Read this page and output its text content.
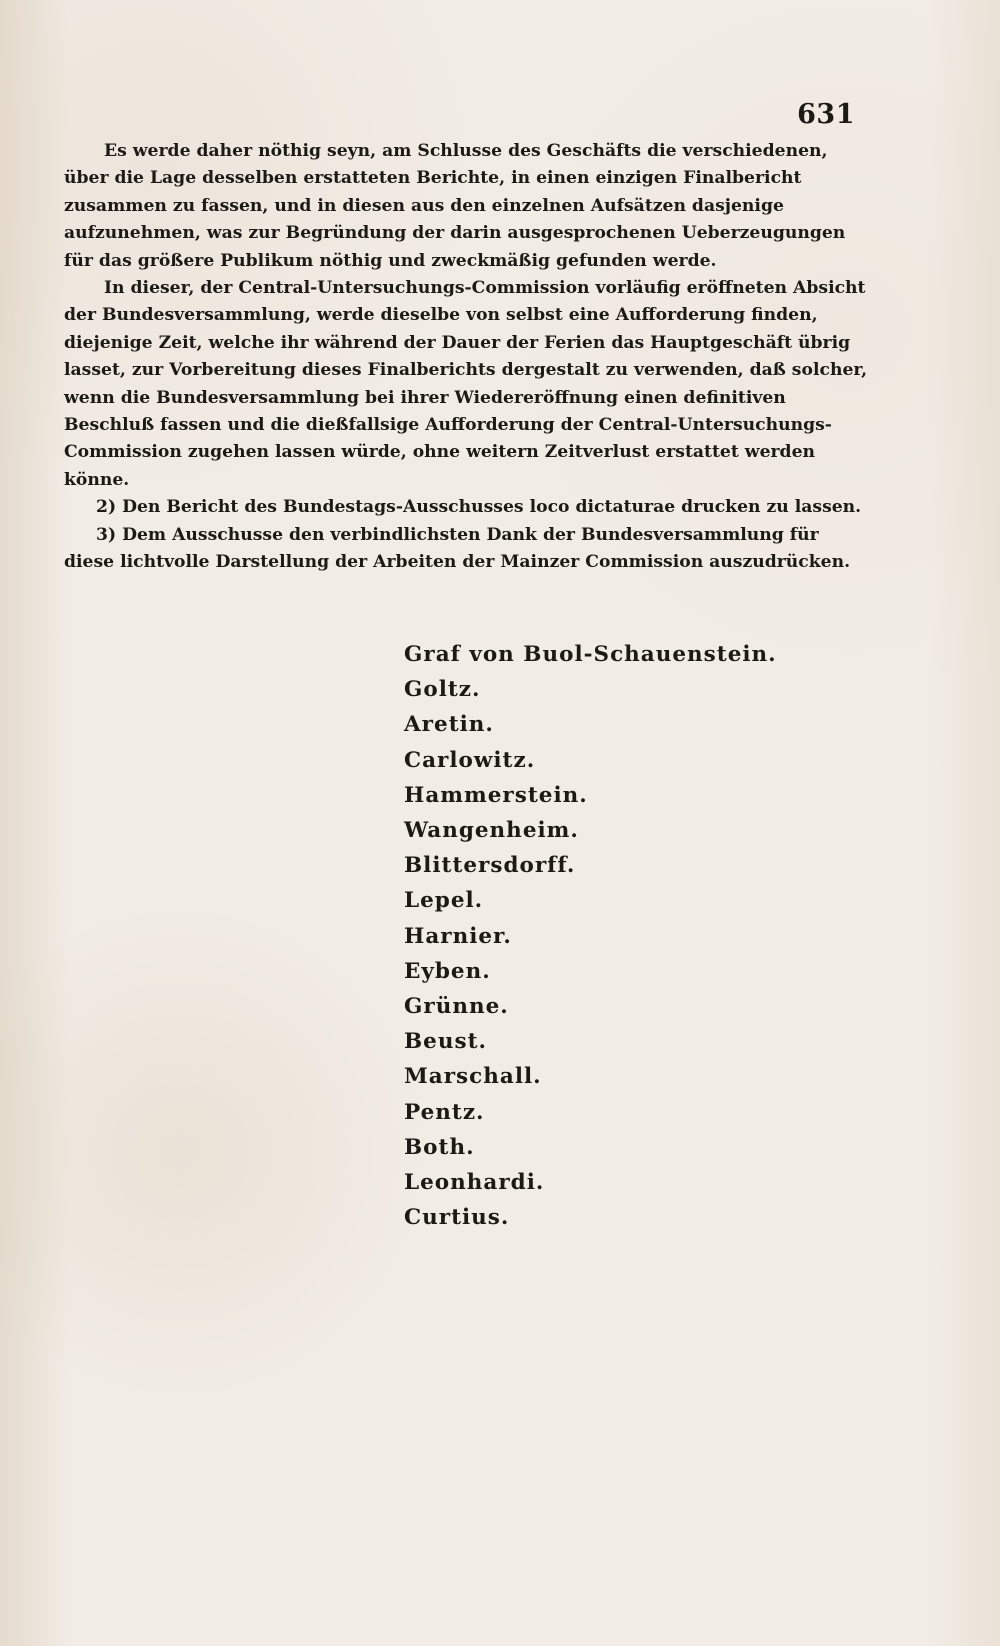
631

Es werde daher nöthig seyn, am Schlusse des Geschäfts die verschiedenen, über die Lage desselben erstatteten Berichte, in einen einzigen Finalbericht zusammen zu fassen, und in diesen aus den einzelnen Aufsätzen dasjenige aufzunehmen, was zur Begründung der darin ausgesprochenen Ueberzeugungen für das größere Publikum nöthig und zweckmäßig gefunden werde.

In dieser, der Central-Untersuchungs-Commission vorläufig eröffneten Absicht der Bundesversammlung, werde dieselbe von selbst eine Aufforderung finden, diejenige Zeit, welche ihr während der Dauer der Ferien das Hauptgeschäft übrig lasset, zur Vorbereitung dieses Finalberichts dergestalt zu verwenden, daß solcher, wenn die Bundesversammlung bei ihrer Wiedereröffnung einen definitiven Beschluß fassen und die dießfallsige Aufforderung der Central-Untersuchungs-Commission zugehen lassen würde, ohne weitern Zeitverlust erstattet werden könne.

2) Den Bericht des Bundestags-Ausschusses loco dictaturae drucken zu lassen.

3) Dem Ausschusse den verbindlichsten Dank der Bundesversammlung für diese lichtvolle Darstellung der Arbeiten der Mainzer Commission auszudrücken.

Graf von Buol-Schauenstein.
Goltz.
Aretin.
Carlowitz.
Hammerstein.
Wangenheim.
Blittersdorff.
Lepel.
Harnier.
Eyben.
Grünne.
Beust.
Marschall.
Pentz.
Both.
Leonhardi.
Curtius.
